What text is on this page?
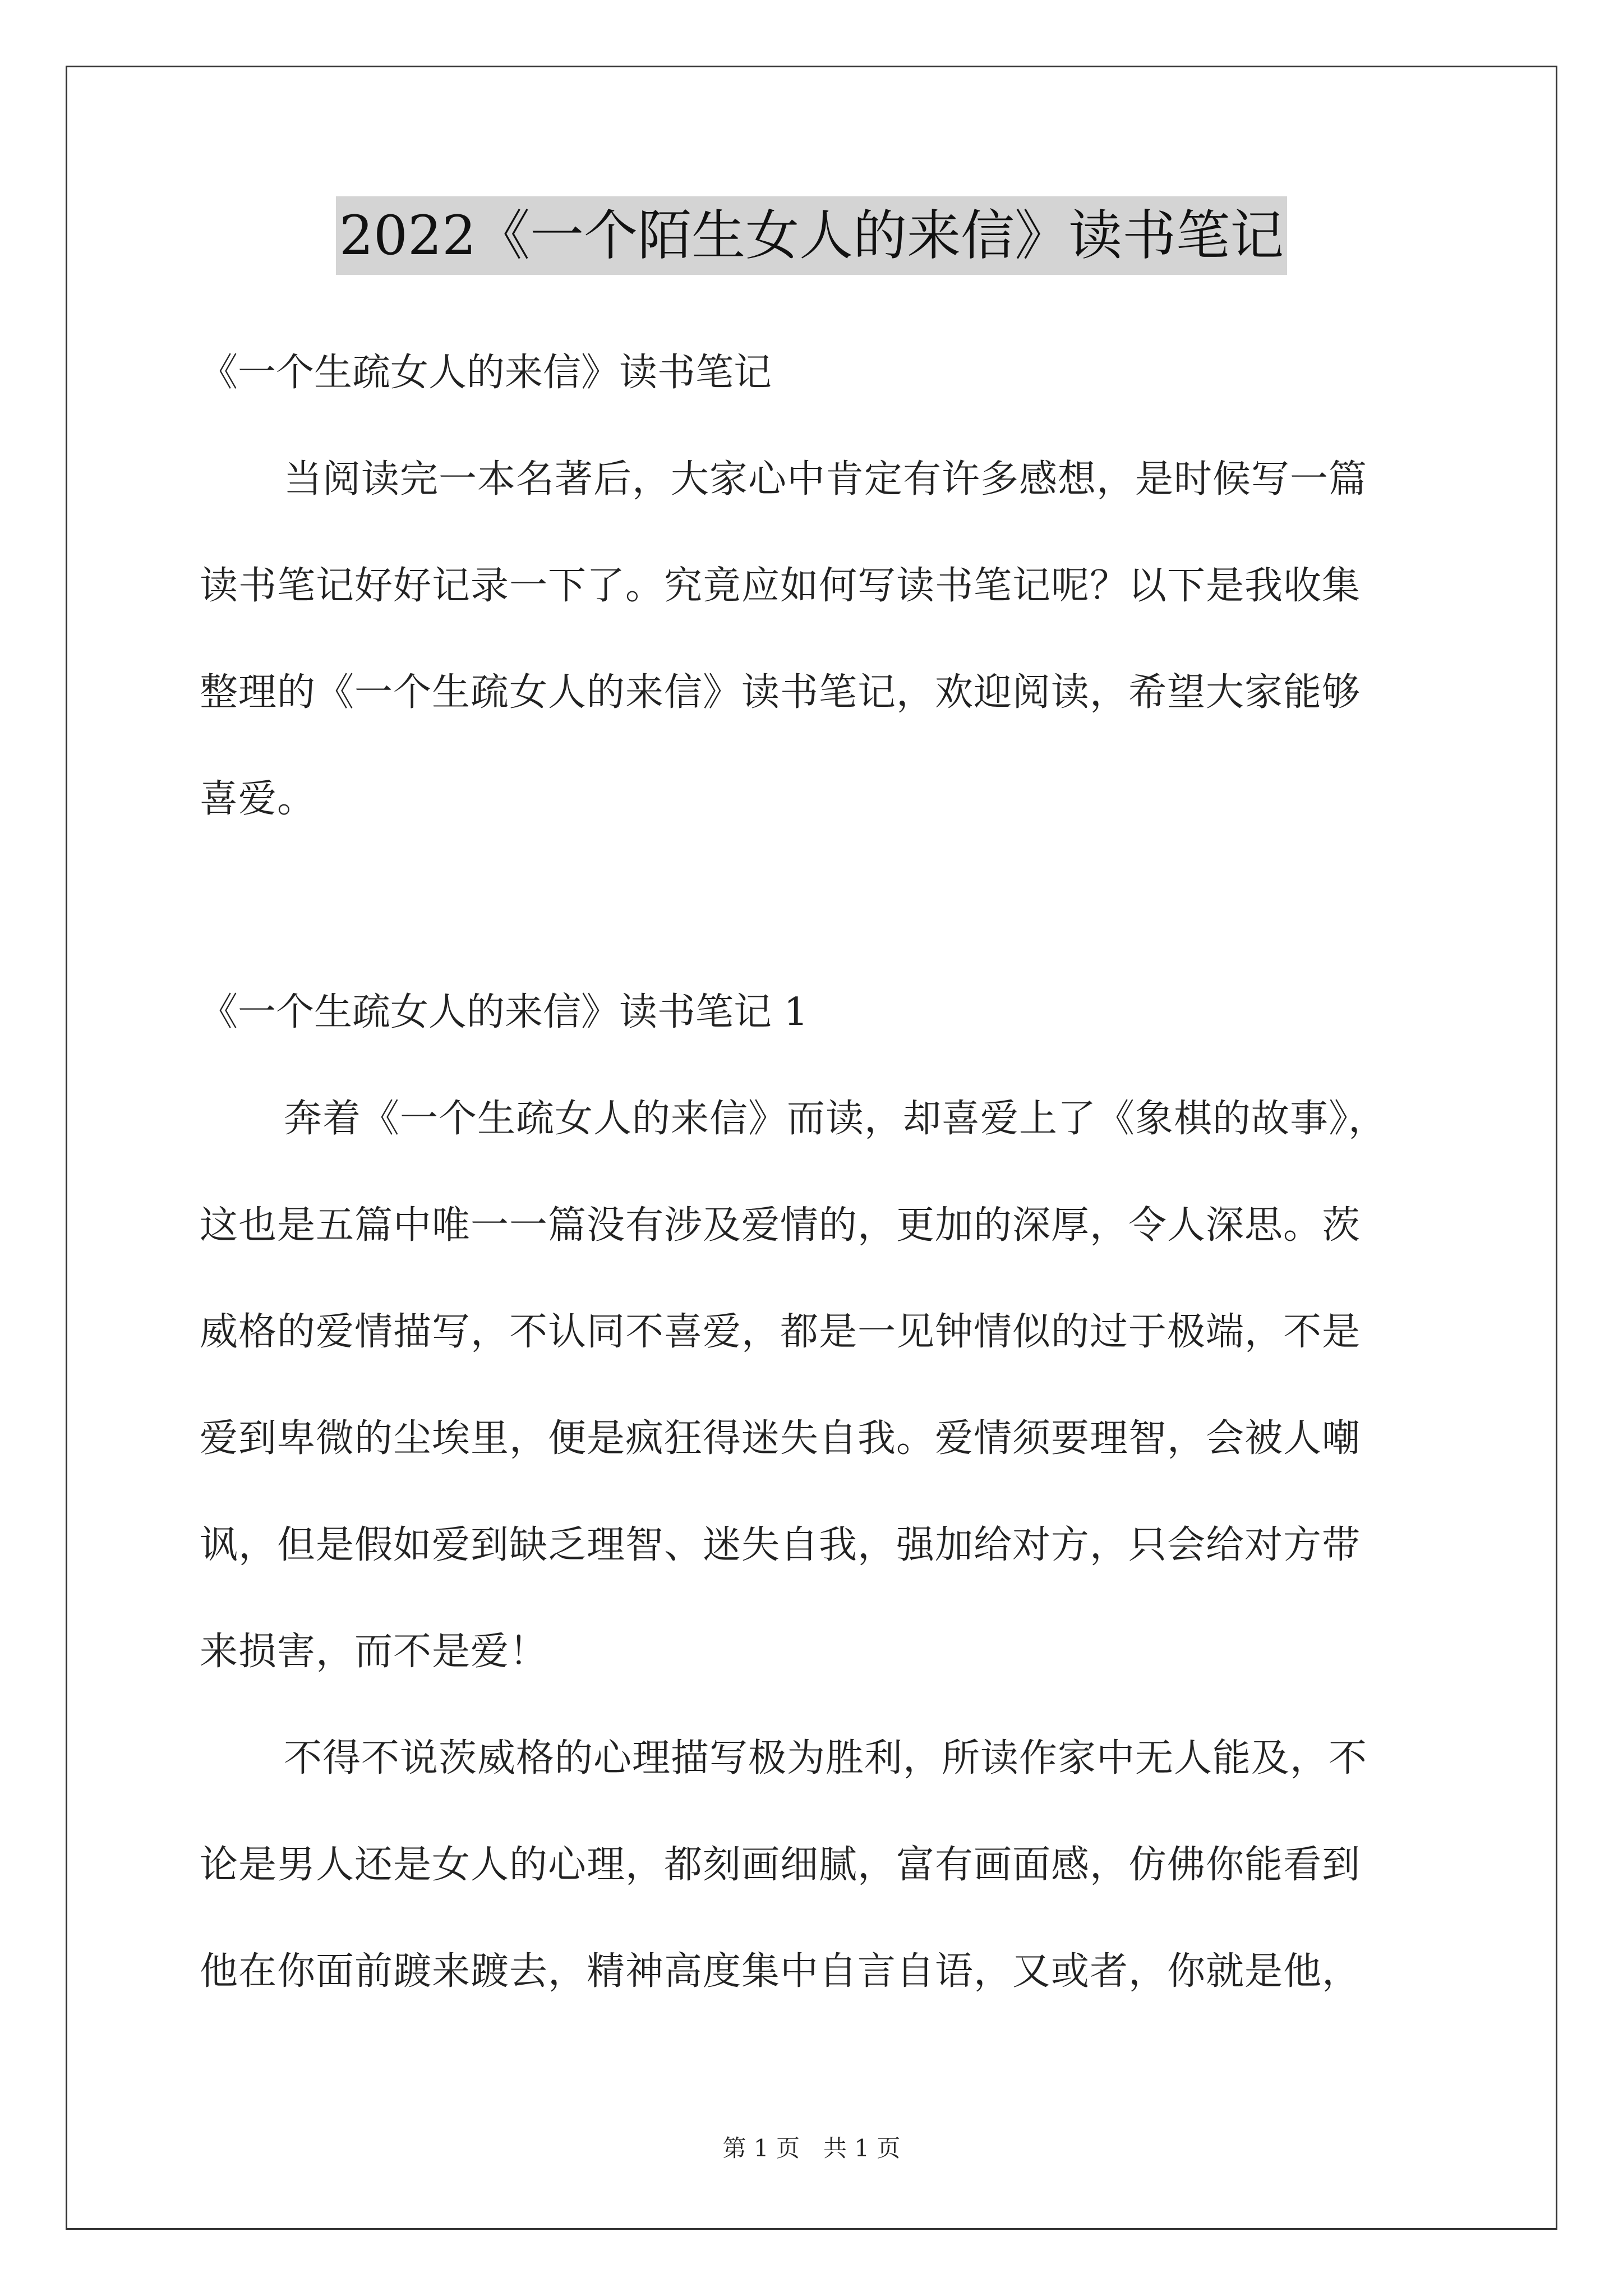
2022《一个陌生女人的来信》读书笔记
《一个生疏女人的来信》读书笔记
当阅读完一本名著后，大家心中肯定有许多感想，是时候写一篇
读书笔记好好记录一下了。究竟应如何写读书笔记呢？以下是我收集
整理的《一个生疏女人的来信》读书笔记，欢迎阅读，希望大家能够
喜爱。
《一个生疏女人的来信》读书笔记 1
奔着《一个生疏女人的来信》而读，却喜爱上了《象棋的故事》，
这也是五篇中唯一一篇没有涉及爱情的，更加的深厚，令人深思。茨
威格的爱情描写，不认同不喜爱，都是一见钟情似的过于极端，不是
爱到卑微的尘埃里，便是疯狂得迷失自我。爱情须要理智，会被人嘲
讽，但是假如爱到缺乏理智、迷失自我，强加给对方，只会给对方带
来损害，而不是爱！
不得不说茨威格的心理描写极为胜利，所读作家中无人能及，不
论是男人还是女人的心理，都刻画细腻，富有画面感，仿佛你能看到
他在你面前踱来踱去，精神高度集中自言自语，又或者，你就是他，
第 1 页　共 1 页
